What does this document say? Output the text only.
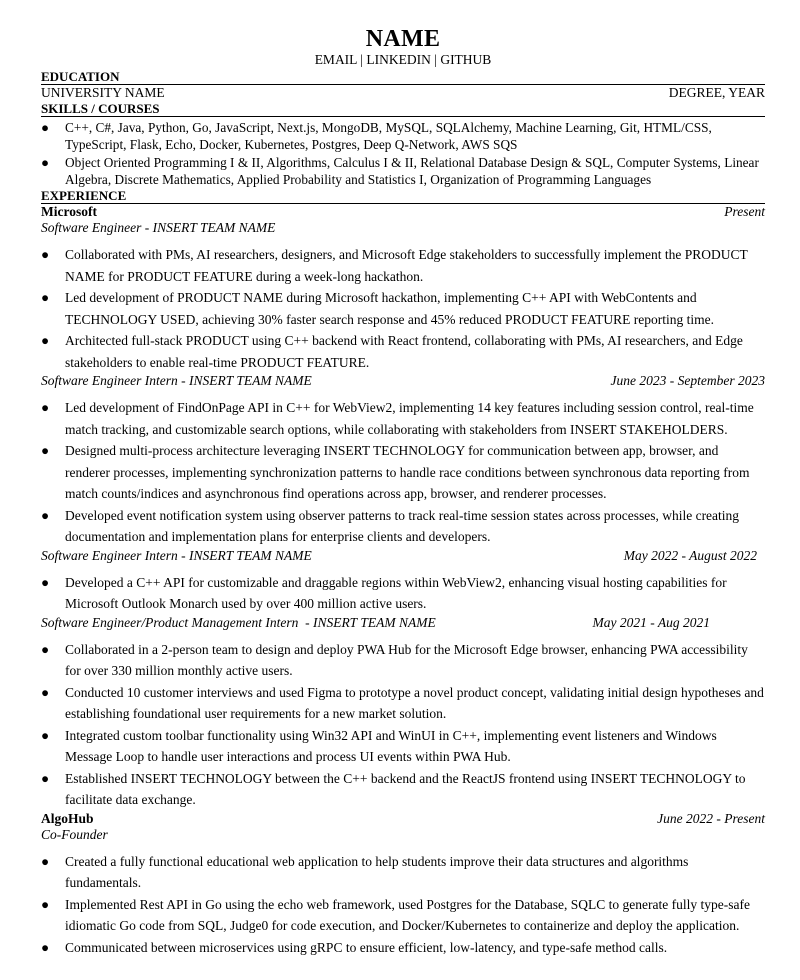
NAME
EMAIL | LINKEDIN | GITHUB
EDUCATION
UNIVERSITY NAME	DEGREE, YEAR
SKILLS / COURSES
● C++, C#, Java, Python, Go, JavaScript, Next.js, MongoDB, MySQL, SQLAlchemy, Machine Learning, Git, HTML/CSS, TypeScript, Flask, Echo, Docker, Kubernetes, Postgres, Deep Q-Network, AWS SQS
● Object Oriented Programming I & II, Algorithms, Calculus I & II, Relational Database Design & SQL, Computer Systems, Linear Algebra, Discrete Mathematics, Applied Probability and Statistics I, Organization of Programming Languages
EXPERIENCE
Microsoft	Present
Software Engineer - INSERT TEAM NAME
● Collaborated with PMs, AI researchers, designers, and Microsoft Edge stakeholders to successfully implement the PRODUCT NAME for PRODUCT FEATURE during a week-long hackathon.
● Led development of PRODUCT NAME during Microsoft hackathon, implementing C++ API with WebContents and TECHNOLOGY USED, achieving 30% faster search response and 45% reduced PRODUCT FEATURE reporting time.
● Architected full-stack PRODUCT using C++ backend with React frontend, collaborating with PMs, AI researchers, and Edge stakeholders to enable real-time PRODUCT FEATURE.
Software Engineer Intern - INSERT TEAM NAME	June 2023 - September 2023
● Led development of FindOnPage API in C++ for WebView2, implementing 14 key features including session control, real-time match tracking, and customizable search options, while collaborating with stakeholders from INSERT STAKEHOLDERS.
● Designed multi-process architecture leveraging INSERT TECHNOLOGY for communication between app, browser, and renderer processes, implementing synchronization patterns to handle race conditions between synchronous data reporting from match counts/indices and asynchronous find operations across app, browser, and renderer processes.
● Developed event notification system using observer patterns to track real-time session states across processes, while creating documentation and implementation plans for enterprise clients and developers.
Software Engineer Intern - INSERT TEAM NAME	May 2022 - August 2022
● Developed a C++ API for customizable and draggable regions within WebView2, enhancing visual hosting capabilities for Microsoft Outlook Monarch used by over 400 million active users.
Software Engineer/Product Management Intern  - INSERT TEAM NAME	May 2021 - Aug 2021
● Collaborated in a 2-person team to design and deploy PWA Hub for the Microsoft Edge browser, enhancing PWA accessibility for over 330 million monthly active users.
● Conducted 10 customer interviews and used Figma to prototype a novel product concept, validating initial design hypotheses and establishing foundational user requirements for a new market solution.
● Integrated custom toolbar functionality using Win32 API and WinUI in C++, implementing event listeners and Windows Message Loop to handle user interactions and process UI events within PWA Hub.
● Established INSERT TECHNOLOGY between the C++ backend and the ReactJS frontend using INSERT TECHNOLOGY to facilitate data exchange.
AlgoHub	June 2022 - Present
Co-Founder
● Created a fully functional educational web application to help students improve their data structures and algorithms fundamentals.
● Implemented Rest API in Go using the echo web framework, used Postgres for the Database, SQLC to generate fully type-safe idiomatic Go code from SQL, Judge0 for code execution, and Docker/Kubernetes to containerize and deploy the application.
● Communicated between microservices using gRPC to ensure efficient, low-latency, and type-safe method calls.
